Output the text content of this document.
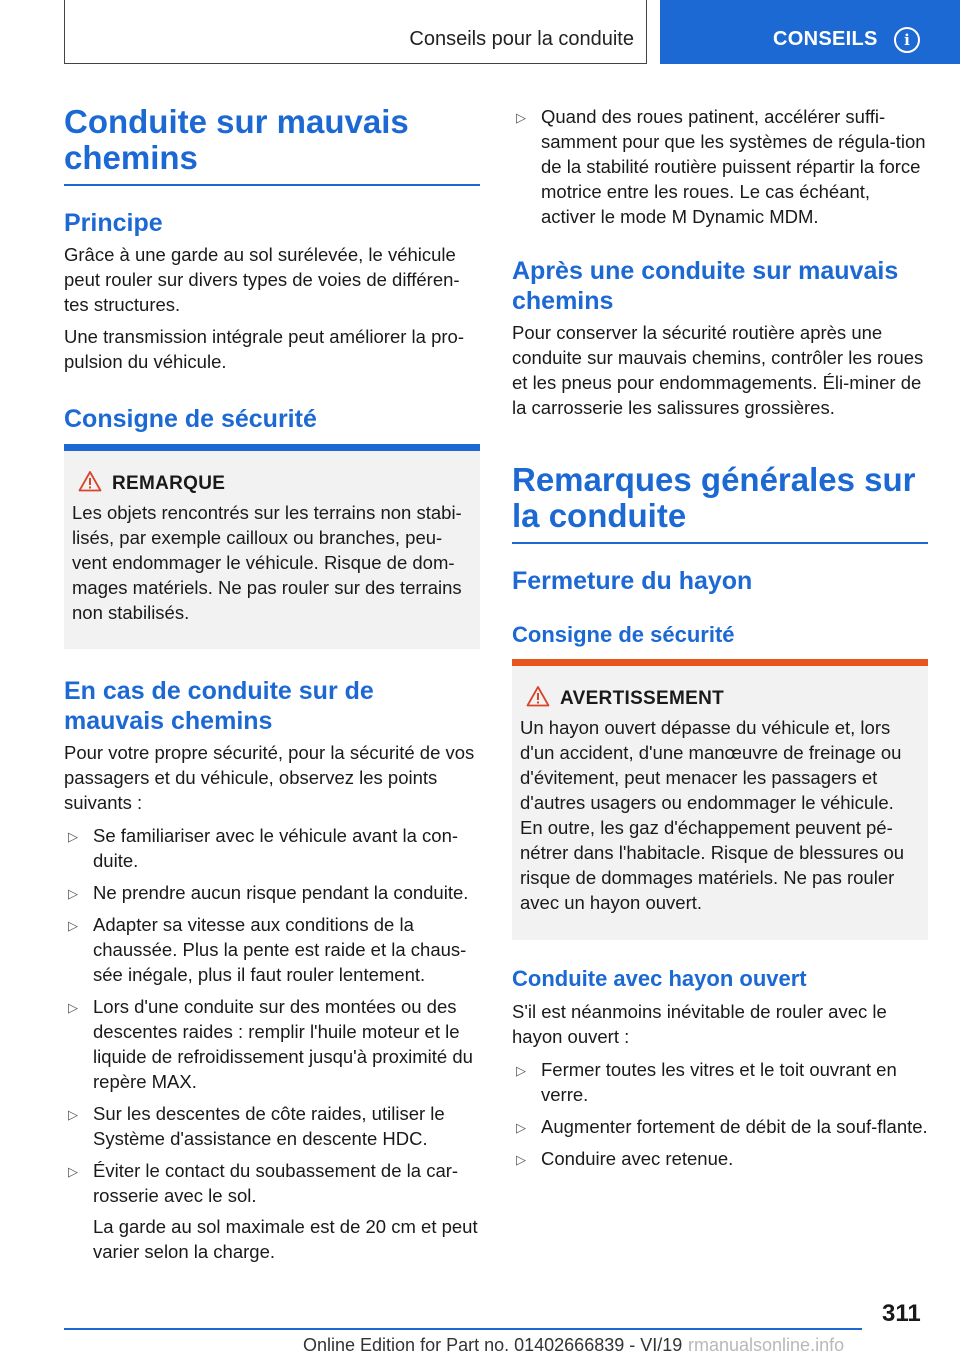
Conseils pour la conduite	CONSEILS	i
Conduite sur mauvais chemins
Principe

Grâce à une garde au sol surélevée, le véhicule peut rouler sur divers types de voies de différen-tes structures.

Une transmission intégrale peut améliorer la pro-pulsion du véhicule.

Consigne de sécurité
REMARQUE
Les objets rencontrés sur les terrains non stabi-lisés, par exemple cailloux ou branches, peu-vent endommager le véhicule. Risque de dom-mages matériels. Ne pas rouler sur des terrains non stabilisés.
En cas de conduite sur de mauvais chemins

Pour votre propre sécurité, pour la sécurité de vos passagers et du véhicule, observez les points suivants :

▷ Se familiariser avec le véhicule avant la con-duite.
▷ Ne prendre aucun risque pendant la conduite.
▷ Adapter sa vitesse aux conditions de la chaussée. Plus la pente est raide et la chaus-sée inégale, plus il faut rouler lentement.
▷ Lors d'une conduite sur des montées ou des descentes raides : remplir l'huile moteur et le liquide de refroidissement jusqu'à proximité du repère MAX.
▷ Sur les descentes de côte raides, utiliser le Système d'assistance en descente HDC.
▷ Éviter le contact du soubassement de la car-rosserie avec le sol.
La garde au sol maximale est de 20 cm et peut varier selon la charge.
▷ Quand des roues patinent, accélérer suffi-samment pour que les systèmes de régula-tion de la stabilité routière puissent répartir la force motrice entre les roues. Le cas échéant, activer le mode M Dynamic MDM.
Après une conduite sur mauvais chemins

Pour conserver la sécurité routière après une conduite sur mauvais chemins, contrôler les roues et les pneus pour endommagements. Éli-miner de la carrosserie les salissures grossières.

Remarques générales sur la conduite
Fermeture du hayon
Consigne de sécurité
AVERTISSEMENT
Un hayon ouvert dépasse du véhicule et, lors d'un accident, d'une manœuvre de freinage ou d'évitement, peut menacer les passagers et d'autres usagers ou endommager le véhicule. En outre, les gaz d'échappement peuvent pé-nétrer dans l'habitacle. Risque de blessures ou risque de dommages matériels. Ne pas rouler avec un hayon ouvert.
Conduite avec hayon ouvert

S'il est néanmoins inévitable de rouler avec le hayon ouvert :

▷ Fermer toutes les vitres et le toit ouvrant en verre.
▷ Augmenter fortement de débit de la souf-flante.
▷ Conduire avec retenue.
311
Online Edition for Part no. 01402666839 - VI/19 rmanualsonline.info
